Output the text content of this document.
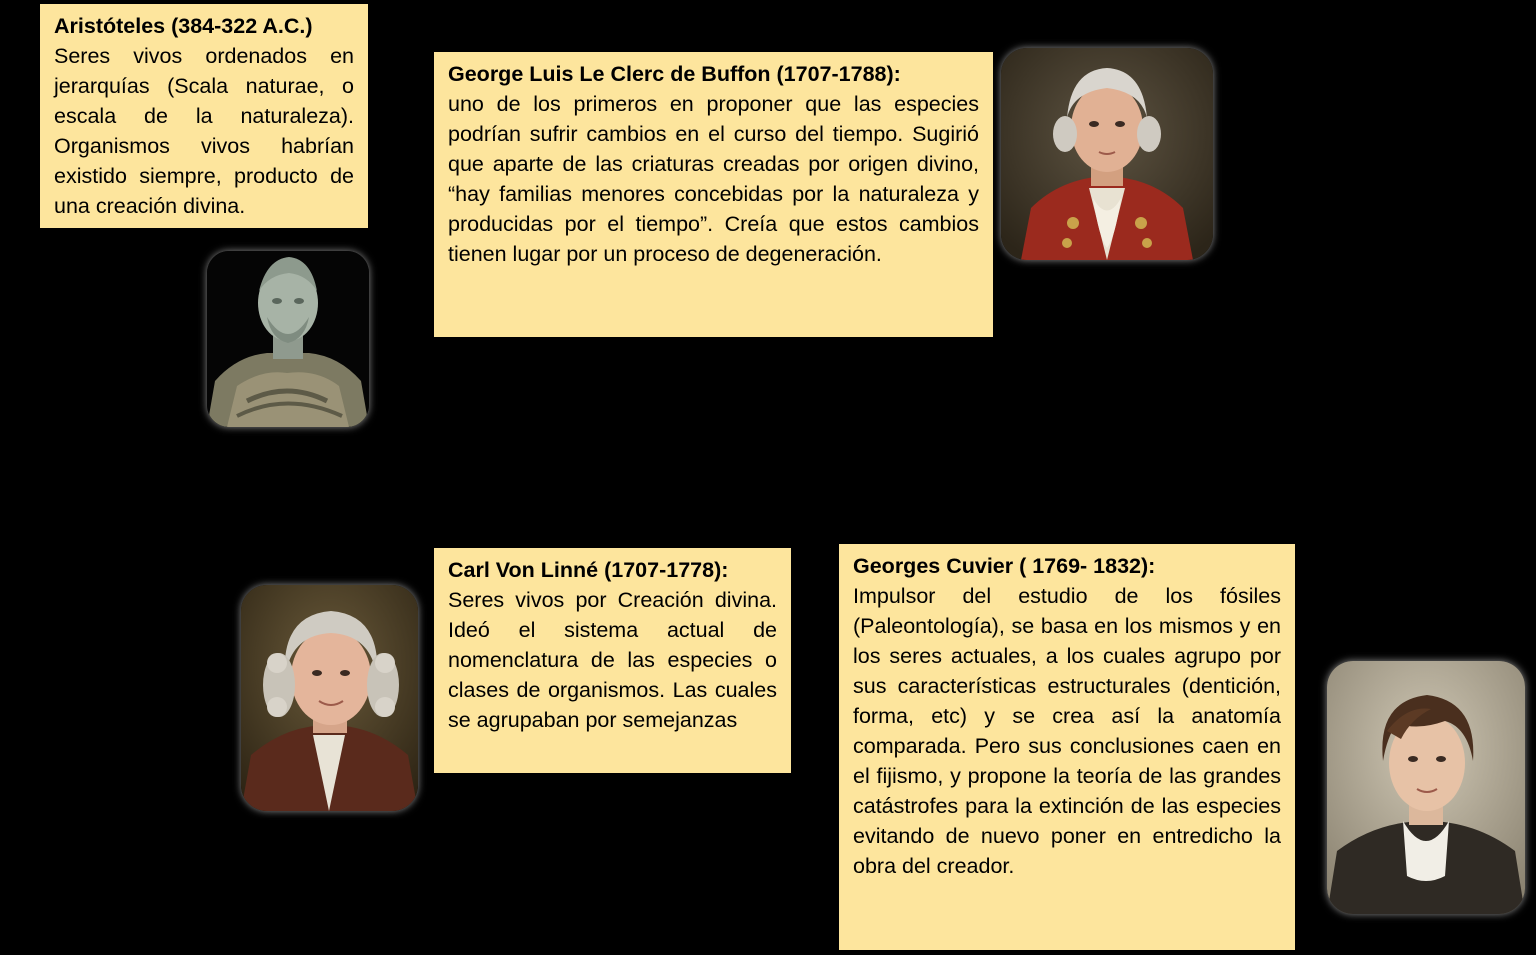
Aristóteles (384-322 A.C.)
Seres vivos ordenados en jerarquías (Scala naturae, o escala de la naturaleza). Organismos vivos habrían existido siempre, producto de una creación divina.
George Luis Le Clerc de Buffon (1707-1788):
uno de los primeros en proponer que las especies podrían sufrir cambios en el curso del tiempo. Sugirió que aparte de las criaturas creadas por origen divino, “hay familias menores concebidas por la naturaleza y producidas por el tiempo”. Creía que estos cambios tienen lugar por un proceso de degeneración.
Carl Von Linné (1707-1778):
Seres vivos por Creación divina. Ideó el sistema actual de nomenclatura de las especies o clases de organismos. Las cuales se agrupaban por semejanzas
Georges Cuvier ( 1769- 1832):
Impulsor del estudio de los fósiles (Paleontología), se basa en los mismos y en los seres actuales, a los cuales agrupo por sus características estructurales (dentición, forma, etc) y se crea así la anatomía comparada. Pero sus conclusiones caen en el fijismo, y propone la teoría de las grandes catástrofes para la extinción de las especies evitando de nuevo poner en entredicho la obra del creador.
